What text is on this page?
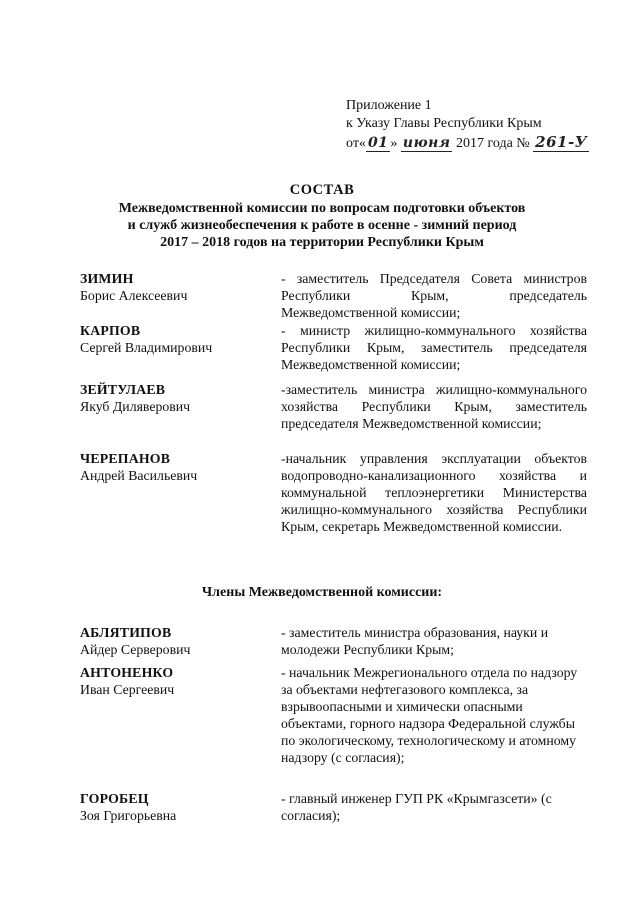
Приложение 1
к Указу Главы Республики Крым
от« 01 » июня 2017 года № 261-У
СОСТАВ
Межведомственной комиссии по вопросам подготовки объектов
и служб жизнеобеспечения к работе в осенне - зимний период
2017 – 2018 годов на территории Республики Крым
ЗИМИН
Борис Алексеевич
- заместитель Председателя Совета министров Республики Крым, председатель Межведомственной комиссии;
КАРПОВ
Сергей Владимирович
- министр жилищно-коммунального хозяйства Республики Крым, заместитель председателя Межведомственной комиссии;
ЗЕЙТУЛАЕВ
Якуб Диляверович
-заместитель министра жилищно-коммунального хозяйства Республики Крым, заместитель председателя Межведомственной комиссии;
ЧЕРЕПАНОВ
Андрей Васильевич
-начальник управления эксплуатации объектов водопроводно-канализационного хозяйства и коммунальной теплоэнергетики Министерства жилищно-коммунального хозяйства Республики Крым, секретарь Межведомственной комиссии.
Члены Межведомственной комиссии:
АБЛЯТИПОВ
Айдер Серверович
- заместитель министра образования, науки и молодежи Республики Крым;
АНТОНЕНКО
Иван Сергеевич
- начальник Межрегионального отдела по надзору за объектами нефтегазового комплекса, за взрывоопасными и химически опасными объектами, горного надзора Федеральной службы по экологическому, технологическому и атомному надзору (с согласия);
ГОРОБЕЦ
Зоя Григорьевна
- главный инженер ГУП РК «Крымгазсети» (с согласия);
